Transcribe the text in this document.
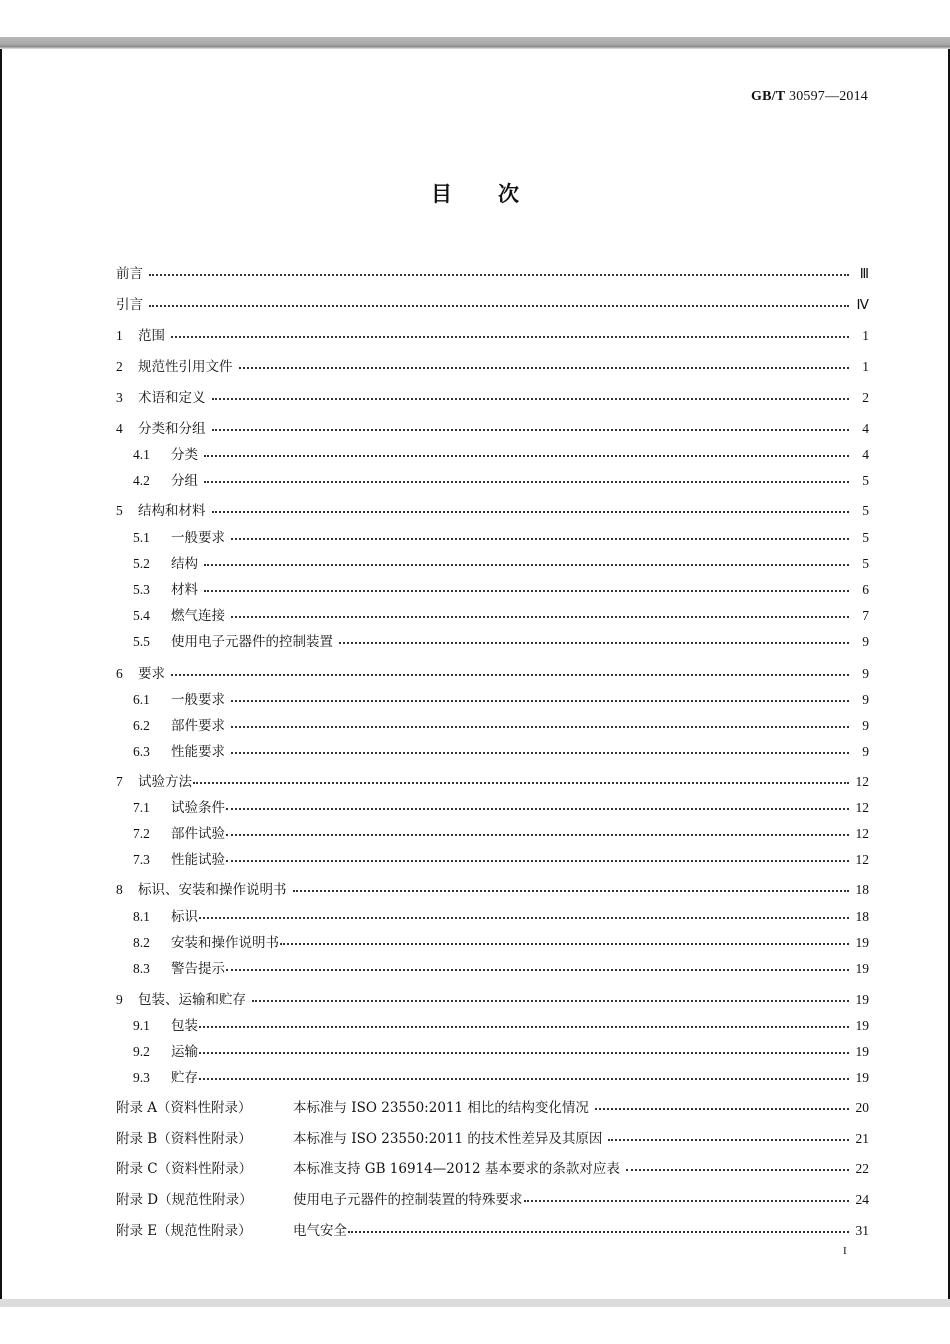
GB/T 30597—2014
目 次
前言	Ⅲ
引言	Ⅳ
1	范围	1
2	规范性引用文件	1
3	术语和定义	2
4	分类和分组	4
4.1	分类	4
4.2	分组	5
5	结构和材料	5
5.1	一般要求	5
5.2	结构	5
5.3	材料	6
5.4	燃气连接	7
5.5	使用电子元器件的控制装置	9
6	要求	9
6.1	一般要求	9
6.2	部件要求	9
6.3	性能要求	9
7	试验方法	12
7.1	试验条件	12
7.2	部件试验	12
7.3	性能试验	12
8	标识、安装和操作说明书	18
8.1	标识	18
8.2	安装和操作说明书	19
8.3	警告提示	19
9	包装、运输和贮存	19
9.1	包装	19
9.2	运输	19
9.3	贮存	19
附录 A（资料性附录）	本标准与 ISO 23550:2011 相比的结构变化情况	20
附录 B（资料性附录）	本标准与 ISO 23550:2011 的技术性差异及其原因	21
附录 C（资料性附录）	本标准支持 GB 16914—2012 基本要求的条款对应表	22
附录 D（规范性附录）	使用电子元器件的控制装置的特殊要求	24
附录 E（规范性附录）	电气安全	31
I
